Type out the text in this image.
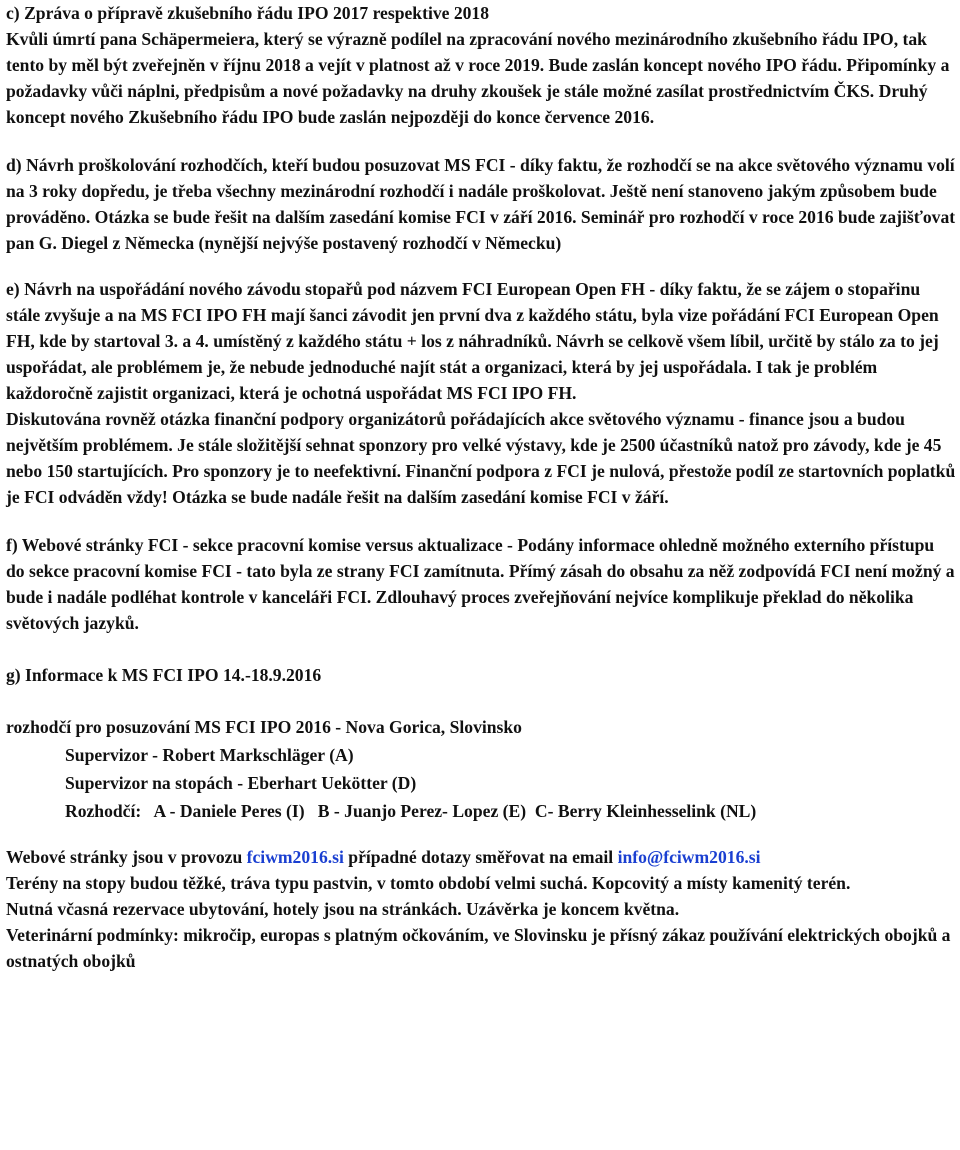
c) Zpráva o přípravě zkušebního řádu IPO 2017 respektive 2018
Kvůli úmrtí pana Schäpermeiera, který se výrazně podílel na zpracování nového mezinárodního zkušebního řádu IPO, tak tento by měl být zveřejněn v říjnu 2018 a vejít v platnost až v roce 2019. Bude zaslán koncept nového IPO řádu. Připomínky a požadavky vůči náplni, předpisům a nové požadavky na druhy zkoušek je stále možné zasílat prostřednictvím ČKS. Druhý koncept nového Zkušebního řádu IPO bude zaslán nejpozději do konce července 2016.

d) Návrh proškolování rozhodčích, kteří budou posuzovat MS FCI - díky faktu, že rozhodčí se na akce světového významu volí na 3 roky dopředu, je třeba všechny mezinárodní rozhodčí i nadále proškolovat. Ještě není stanoveno jakým způsobem bude prováděno. Otázka se bude řešit na dalším zasedání komise FCI v září 2016. Seminář pro rozhodčí v roce 2016 bude zajišťovat pan G. Diegel z Německa (nynější nejvýše postavený rozhodčí v Německu)

e) Návrh na uspořádání nového závodu stopařů pod názvem FCI European Open FH - díky faktu, že se zájem o stopařinu stále zvyšuje a na MS FCI IPO FH mají šanci závodit jen první dva z každého státu, byla vize pořádání FCI European Open FH, kde by startoval 3. a 4. umístěný z každého státu + los z náhradníků. Návrh se celkově všem líbil, určitě by stálo za to jej uspořádat, ale problémem je, že nebude jednoduché najít stát a organizaci, která by jej uspořádala. I tak je problém každoročně zajistit organizaci, která je ochotná uspořádat MS FCI IPO FH.

Diskutována rovněž otázka finanční podpory organizátorů pořádajících akce světového významu - finance jsou a budou největším problémem. Je stále složitější sehnat sponzory pro velké výstavy, kde je 2500 účastníků natož pro závody, kde je 45 nebo 150 startujících. Pro sponzory je to neefektivní. Finanční podpora z FCI je nulová, přestože podíl ze startovních poplatků je FCI odváděn vždy! Otázka se bude nadále řešit na dalším zasedání komise FCI v žáří.

f) Webové stránky FCI - sekce pracovní komise versus aktualizace - Podány informace ohledně možného externího přístupu do sekce pracovní komise FCI - tato byla ze strany FCI zamítnuta. Přímý zásah do obsahu za něž zodpovídá FCI není možný a bude i nadále podléhat kontrole v kanceláři FCI. Zdlouhavý proces zveřejňování nejvíce komplikuje překlad do několika světových jazyků.

g) Informace k MS FCI IPO 14.-18.9.2016

rozhodčí pro posuzování MS FCI IPO 2016 - Nova Gorica, Slovinsko

Supervizor - Robert Markschläger (A)

Supervizor na stopách - Eberhart Uekötter (D)

Rozhodčí:   A - Daniele Peres (I)   B - Juanjo Perez- Lopez (E)  C- Berry Kleinhesselink (NL)

Webové stránky jsou v provozu fciwm2016.si případné dotazy směřovat na email info@fciwm2016.si

Terény na stopy budou těžké, tráva typu pastvin, v tomto období velmi suchá. Kopcovitý a místy kamenitý terén.

Nutná včasná rezervace ubytování, hotely jsou na stránkách. Uzávěrka je koncem května.

Veterinární podmínky: mikročip, europas s platným očkováním, ve Slovinsku je přísný zákaz používání elektrických obojků a ostnatých obojků
